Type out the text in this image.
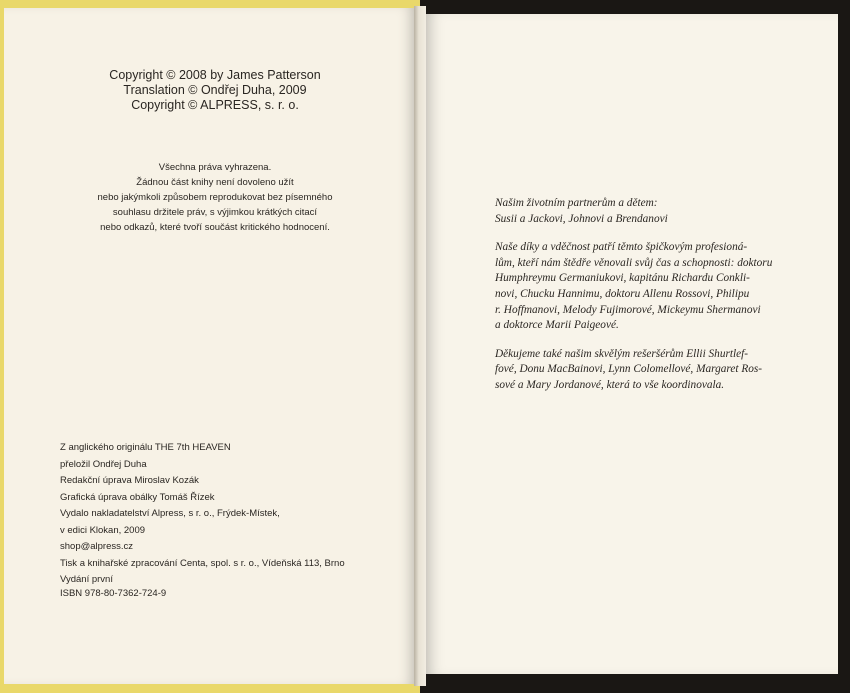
Copyright © 2008 by James Patterson
Translation © Ondřej Duha, 2009
Copyright © ALPRESS, s. r. o.
Všechna práva vyhrazena.
Žádnou část knihy není dovoleno užít
nebo jakýmkoli způsobem reprodukovat bez písemného
souhlasu držitele práv, s výjimkou krátkých citací
nebo odkazů, které tvoří součást kritického hodnocení.
Z anglického originálu THE 7th HEAVEN
přeložil Ondřej Duha
Redakční úprava Miroslav Kozák
Grafická úprava obálky Tomáš Řízek
Vydalo nakladatelství Alpress, s r. o., Frýdek-Místek,
v edici Klokan, 2009
shop@alpress.cz
Tisk a knihařské zpracování Centa, spol. s r. o., Vídeňská 113, Brno
Vydání první
ISBN 978-80-7362-724-9

Našim životním partnerům a dětem:
Susii a Jackovi, Johnovi a Brendanovi

Naše díky a vděčnost patří těmto špičkovým profesioná-
lům, kteří nám štědře věnovali svůj čas a schopnosti: doktoru
Humphreymu Germaniukovi, kapitánu Richardu Conkli-
novi, Chucku Hannimu, doktoru Allenu Rossovi, Philipu
r. Hoffmanovi, Melody Fujimorové, Mickeymu Shermanovi
a doktorce Marii Paigeové.

Děkujeme také našim skvělým rešeršérům Ellii Shurtlef-
fové, Donu MacBainovi, Lynn Colomellové, Margaret Ros-
sové a Mary Jordanové, která to vše koordinovala.
